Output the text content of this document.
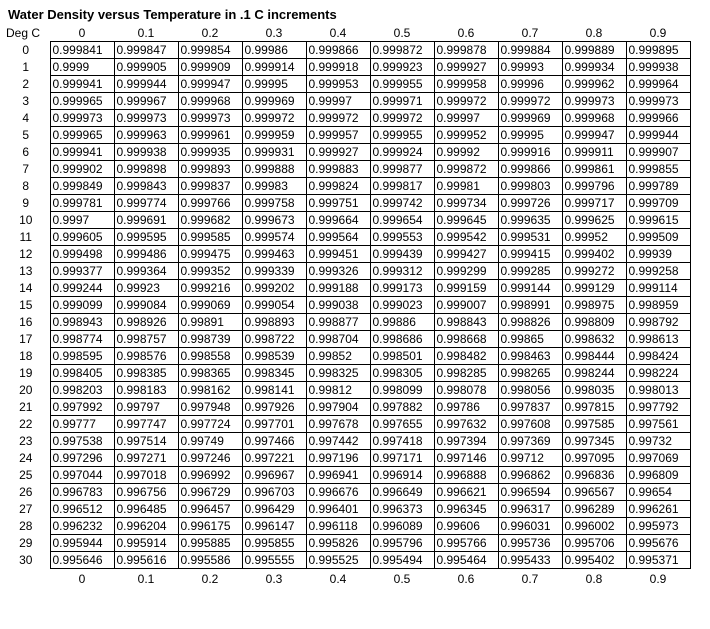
Water Density versus Temperature in .1 C increments
Deg C	0	0.1	0.2	0.3	0.4	0.5	0.6	0.7	0.8	0.9
0	0.999841	0.999847	0.999854	0.99986	0.999866	0.999872	0.999878	0.999884	0.999889	0.999895
1	0.9999	0.999905	0.999909	0.999914	0.999918	0.999923	0.999927	0.99993	0.999934	0.999938
2	0.999941	0.999944	0.999947	0.99995	0.999953	0.999955	0.999958	0.99996	0.999962	0.999964
3	0.999965	0.999967	0.999968	0.999969	0.99997	0.999971	0.999972	0.999972	0.999973	0.999973
4	0.999973	0.999973	0.999973	0.999972	0.999972	0.999972	0.99997	0.999969	0.999968	0.999966
5	0.999965	0.999963	0.999961	0.999959	0.999957	0.999955	0.999952	0.99995	0.999947	0.999944
6	0.999941	0.999938	0.999935	0.999931	0.999927	0.999924	0.99992	0.999916	0.999911	0.999907
7	0.999902	0.999898	0.999893	0.999888	0.999883	0.999877	0.999872	0.999866	0.999861	0.999855
8	0.999849	0.999843	0.999837	0.99983	0.999824	0.999817	0.99981	0.999803	0.999796	0.999789
9	0.999781	0.999774	0.999766	0.999758	0.999751	0.999742	0.999734	0.999726	0.999717	0.999709
10	0.9997	0.999691	0.999682	0.999673	0.999664	0.999654	0.999645	0.999635	0.999625	0.999615
11	0.999605	0.999595	0.999585	0.999574	0.999564	0.999553	0.999542	0.999531	0.99952	0.999509
12	0.999498	0.999486	0.999475	0.999463	0.999451	0.999439	0.999427	0.999415	0.999402	0.99939
13	0.999377	0.999364	0.999352	0.999339	0.999326	0.999312	0.999299	0.999285	0.999272	0.999258
14	0.999244	0.99923	0.999216	0.999202	0.999188	0.999173	0.999159	0.999144	0.999129	0.999114
15	0.999099	0.999084	0.999069	0.999054	0.999038	0.999023	0.999007	0.998991	0.998975	0.998959
16	0.998943	0.998926	0.99891	0.998893	0.998877	0.99886	0.998843	0.998826	0.998809	0.998792
17	0.998774	0.998757	0.998739	0.998722	0.998704	0.998686	0.998668	0.99865	0.998632	0.998613
18	0.998595	0.998576	0.998558	0.998539	0.99852	0.998501	0.998482	0.998463	0.998444	0.998424
19	0.998405	0.998385	0.998365	0.998345	0.998325	0.998305	0.998285	0.998265	0.998244	0.998224
20	0.998203	0.998183	0.998162	0.998141	0.99812	0.998099	0.998078	0.998056	0.998035	0.998013
21	0.997992	0.99797	0.997948	0.997926	0.997904	0.997882	0.99786	0.997837	0.997815	0.997792
22	0.99777	0.997747	0.997724	0.997701	0.997678	0.997655	0.997632	0.997608	0.997585	0.997561
23	0.997538	0.997514	0.99749	0.997466	0.997442	0.997418	0.997394	0.997369	0.997345	0.99732
24	0.997296	0.997271	0.997246	0.997221	0.997196	0.997171	0.997146	0.99712	0.997095	0.997069
25	0.997044	0.997018	0.996992	0.996967	0.996941	0.996914	0.996888	0.996862	0.996836	0.996809
26	0.996783	0.996756	0.996729	0.996703	0.996676	0.996649	0.996621	0.996594	0.996567	0.99654
27	0.996512	0.996485	0.996457	0.996429	0.996401	0.996373	0.996345	0.996317	0.996289	0.996261
28	0.996232	0.996204	0.996175	0.996147	0.996118	0.996089	0.99606	0.996031	0.996002	0.995973
29	0.995944	0.995914	0.995885	0.995855	0.995826	0.995796	0.995766	0.995736	0.995706	0.995676
30	0.995646	0.995616	0.995586	0.995555	0.995525	0.995494	0.995464	0.995433	0.995402	0.995371
	0	0.1	0.2	0.3	0.4	0.5	0.6	0.7	0.8	0.9
